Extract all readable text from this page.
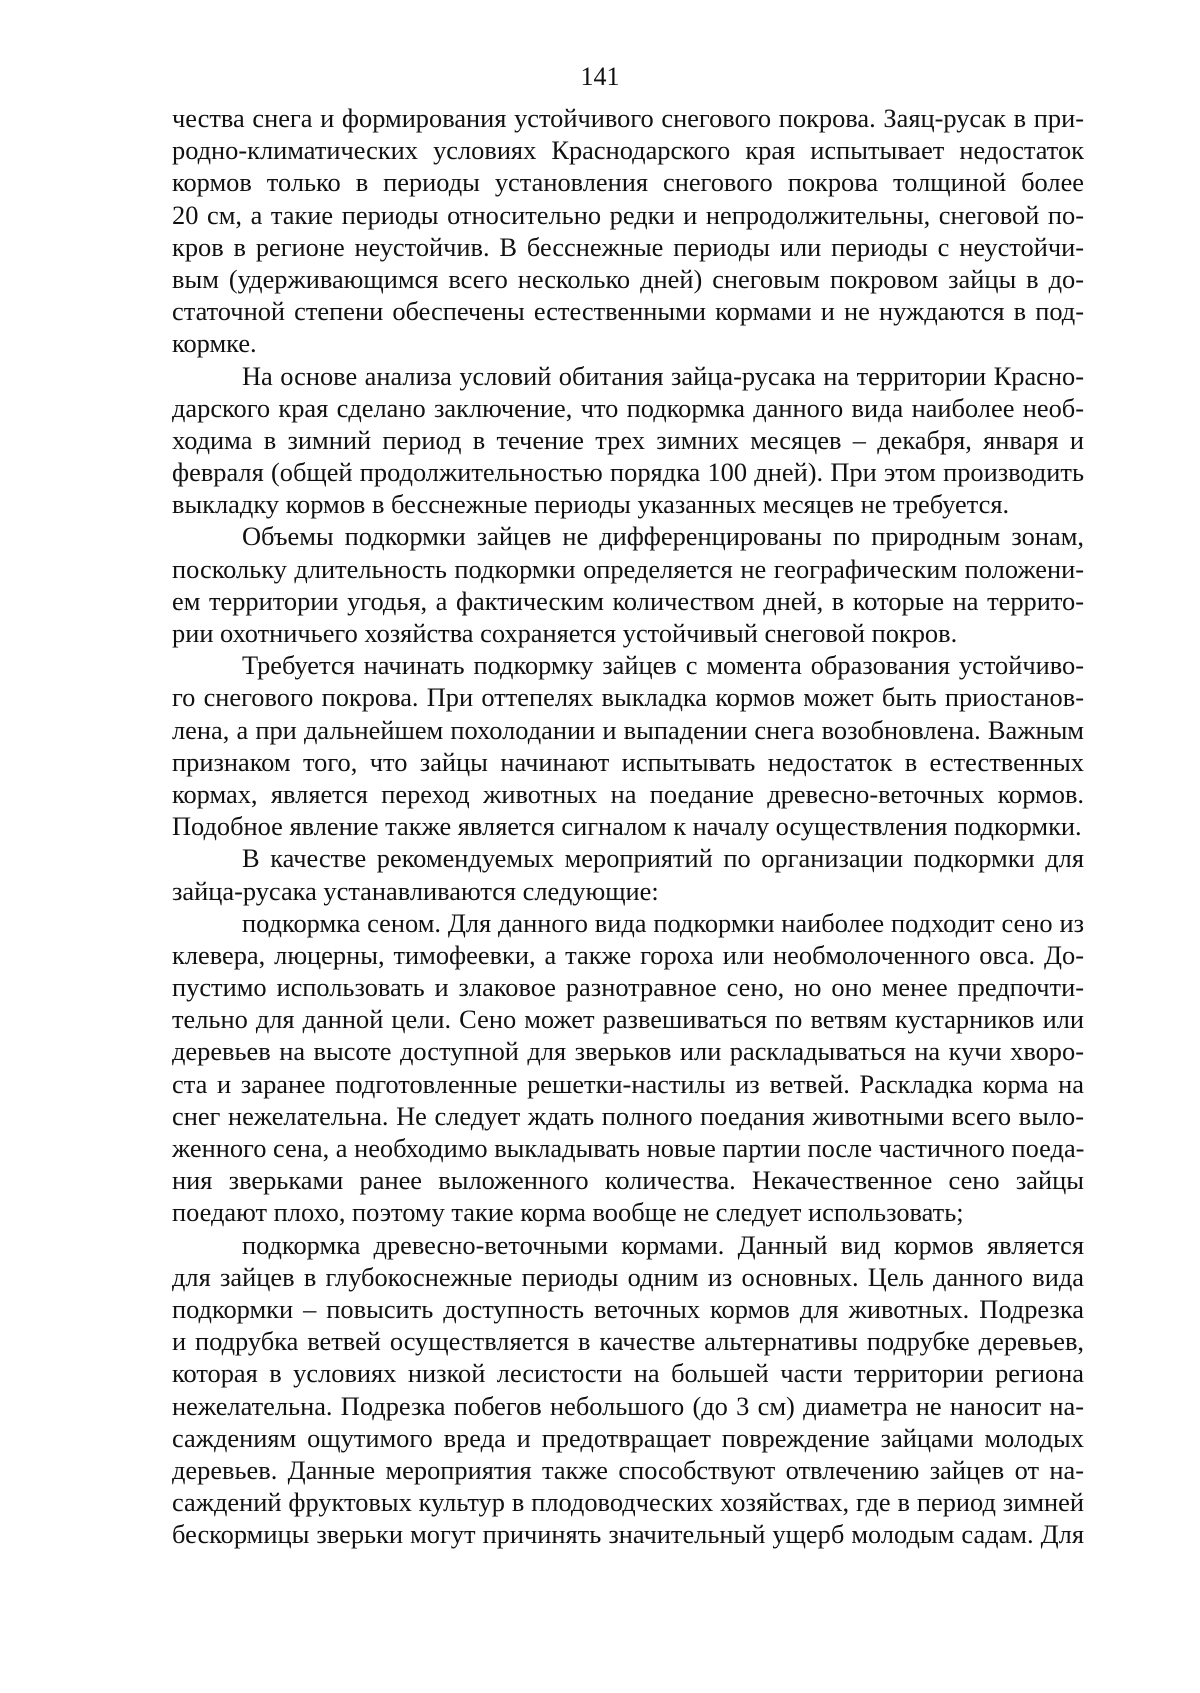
141
чества снега и формирования устойчивого снегового покрова. Заяц-русак в при-
родно-климатических условиях Краснодарского края испытывает недостаток
кормов только в периоды установления снегового покрова толщиной более
20 см, а такие периоды относительно редки и непродолжительны, снеговой по-
кров в регионе неустойчив. В бесснежные периоды или периоды с неустойчи-
вым (удерживающимся всего несколько дней) снеговым покровом зайцы в до-
статочной степени обеспечены естественными кормами и не нуждаются в под-
кормке.
На основе анализа условий обитания зайца-русака на территории Красно-
дарского края сделано заключение, что подкормка данного вида наиболее необ-
ходима в зимний период в течение трех зимних месяцев – декабря, января и
февраля (общей продолжительностью порядка 100 дней). При этом производить
выкладку кормов в бесснежные периоды указанных месяцев не требуется.
Объемы подкормки зайцев не дифференцированы по природным зонам,
поскольку длительность подкормки определяется не географическим положени-
ем территории угодья, а фактическим количеством дней, в которые на террито-
рии охотничьего хозяйства сохраняется устойчивый снеговой покров.
Требуется начинать подкормку зайцев с момента образования устойчиво-
го снегового покрова. При оттепелях выкладка кормов может быть приостанов-
лена, а при дальнейшем похолодании и выпадении снега возобновлена. Важным
признаком того, что зайцы начинают испытывать недостаток в естественных
кормах, является переход животных на поедание древесно-веточных кормов.
Подобное явление также является сигналом к началу осуществления подкормки.
В качестве рекомендуемых мероприятий по организации подкормки для
зайца-русака устанавливаются следующие:
подкормка сеном. Для данного вида подкормки наиболее подходит сено из
клевера, люцерны, тимофеевки, а также гороха или необмолоченного овса. До-
пустимо использовать и злаковое разнотравное сено, но оно менее предпочти-
тельно для данной цели. Сено может развешиваться по ветвям кустарников или
деревьев на высоте доступной для зверьков или раскладываться на кучи хворо-
ста и заранее подготовленные решетки-настилы из ветвей. Раскладка корма на
снег нежелательна. Не следует ждать полного поедания животными всего выло-
женного сена, а необходимо выкладывать новые партии после частичного поеда-
ния зверьками ранее выложенного количества. Некачественное сено зайцы
поедают плохо, поэтому такие корма вообще не следует использовать;
подкормка древесно-веточными кормами. Данный вид кормов является
для зайцев в глубокоснежные периоды одним из основных. Цель данного вида
подкормки – повысить доступность веточных кормов для животных. Подрезка
и подрубка ветвей осуществляется в качестве альтернативы подрубке деревьев,
которая в условиях низкой лесистости на большей части территории региона
нежелательна. Подрезка побегов небольшого (до 3 см) диаметра не наносит на-
саждениям ощутимого вреда и предотвращает повреждение зайцами молодых
деревьев. Данные мероприятия также способствуют отвлечению зайцев от на-
саждений фруктовых культур в плодоводческих хозяйствах, где в период зимней
бескормицы зверьки могут причинять значительный ущерб молодым садам. Для
